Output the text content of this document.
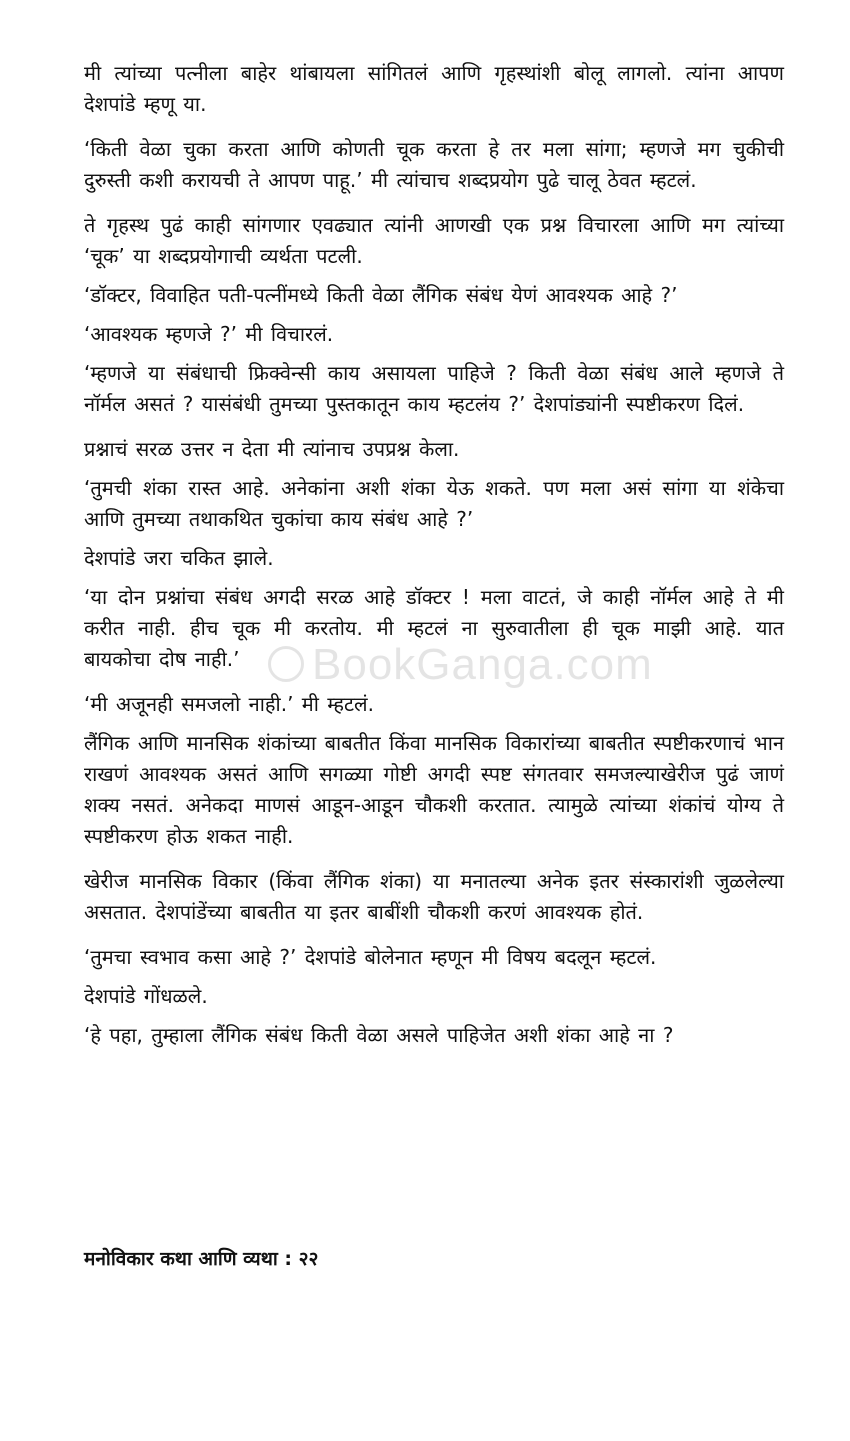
BookGanga.com

मी त्यांच्या पत्नीला बाहेर थांबायला सांगितलं आणि गृहस्थांशी बोलू लागलो. त्यांना आपण देशपांडे म्हणू या.

‘किती वेळा चुका करता आणि कोणती चूक करता हे तर मला सांगा; म्हणजे मग चुकीची दुरुस्ती कशी करायची ते आपण पाहू.’ मी त्यांचाच शब्दप्रयोग पुढे चालू ठेवत म्हटलं.

ते गृहस्थ पुढं काही सांगणार एवढ्यात त्यांनी आणखी एक प्रश्न विचारला आणि मग त्यांच्या ‘चूक’ या शब्दप्रयोगाची व्यर्थता पटली.

‘डॉक्टर, विवाहित पती-पत्नींमध्ये किती वेळा लैंगिक संबंध येणं आवश्यक आहे ?’

‘आवश्यक म्हणजे ?’ मी विचारलं.

‘म्हणजे या संबंधाची फ्रिक्वेन्सी काय असायला पाहिजे ? किती वेळा संबंध आले म्हणजे ते नॉर्मल असतं ? यासंबंधी तुमच्या पुस्तकातून काय म्हटलंय ?’ देशपांड्यांनी स्पष्टीकरण दिलं.

प्रश्नाचं सरळ उत्तर न देता मी त्यांनाच उपप्रश्न केला.

‘तुमची शंका रास्त आहे. अनेकांना अशी शंका येऊ शकते. पण मला असं सांगा या शंकेचा आणि तुमच्या तथाकथित चुकांचा काय संबंध आहे ?’

देशपांडे जरा चकित झाले.

‘या दोन प्रश्नांचा संबंध अगदी सरळ आहे डॉक्टर ! मला वाटतं, जे काही नॉर्मल आहे ते मी करीत नाही. हीच चूक मी करतोय. मी म्हटलं ना सुरुवातीला ही चूक माझी आहे. यात बायकोचा दोष नाही.’

‘मी अजूनही समजलो नाही.’ मी म्हटलं.

लैंगिक आणि मानसिक शंकांच्या बाबतीत किंवा मानसिक विकारांच्या बाबतीत स्पष्टीकरणाचं भान राखणं आवश्यक असतं आणि सगळ्या गोष्टी अगदी स्पष्ट संगतवार समजल्याखेरीज पुढं जाणं शक्य नसतं. अनेकदा माणसं आडून-आडून चौकशी करतात. त्यामुळे त्यांच्या शंकांचं योग्य ते स्पष्टीकरण होऊ शकत नाही.

खेरीज मानसिक विकार (किंवा लैंगिक शंका) या मनातल्या अनेक इतर संस्कारांशी जुळलेल्या असतात. देशपांडेंच्या बाबतीत या इतर बाबींशी चौकशी करणं आवश्यक होतं.

‘तुमचा स्वभाव कसा आहे ?’ देशपांडे बोलेनात म्हणून मी विषय बदलून म्हटलं.

देशपांडे गोंधळले.

‘हे पहा, तुम्हाला लैंगिक संबंध किती वेळा असले पाहिजेत अशी शंका आहे ना ?

मनोविकार कथा आणि व्यथा : २२
